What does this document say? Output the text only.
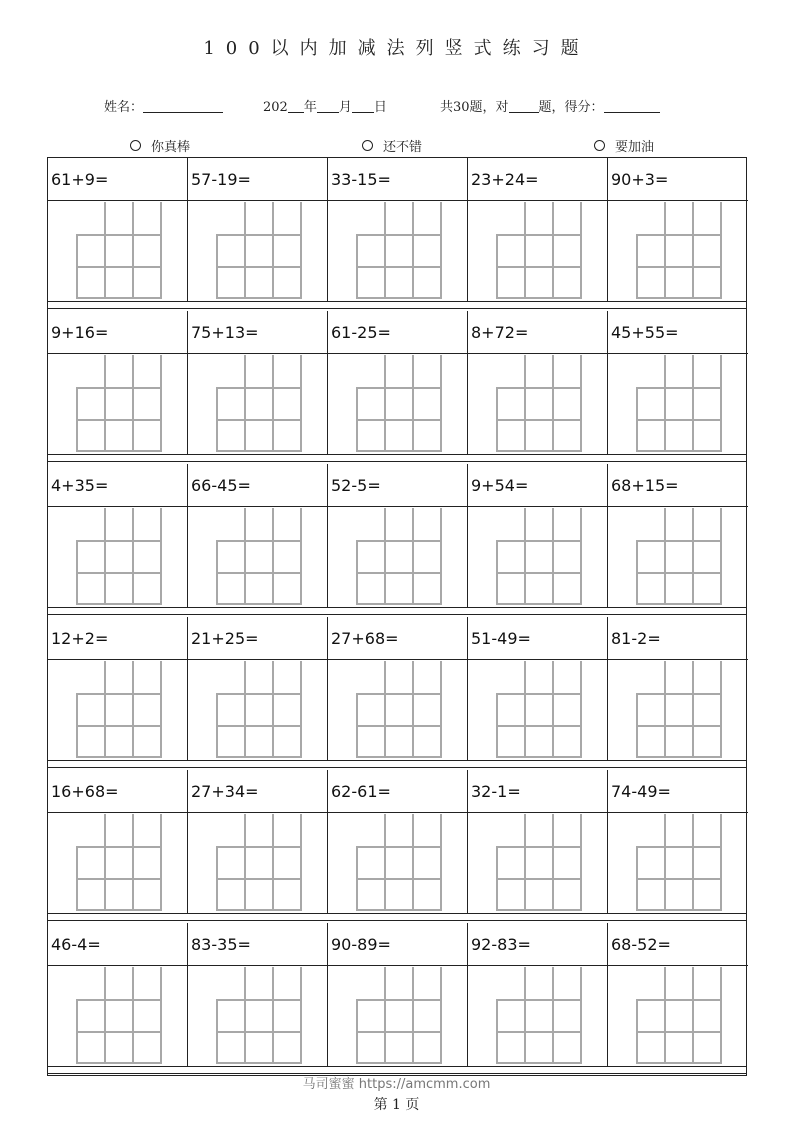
100以内加减法列竖式练习题
姓名：	202 年 月 日	共30题，对 题，得分：
你真棒	还不错	要加油
61+9=	57-19=	33-15=	23+24=	90+3=
9+16=	75+13=	61-25=	8+72=	45+55=
4+35=	66-45=	52-5=	9+54=	68+15=
12+2=	21+25=	27+68=	51-49=	81-2=
16+68=	27+34=	62-61=	32-1=	74-49=
46-4=	83-35=	90-89=	92-83=	68-52=
马司蜜蜜 https://amcmm.com
第 1 页
